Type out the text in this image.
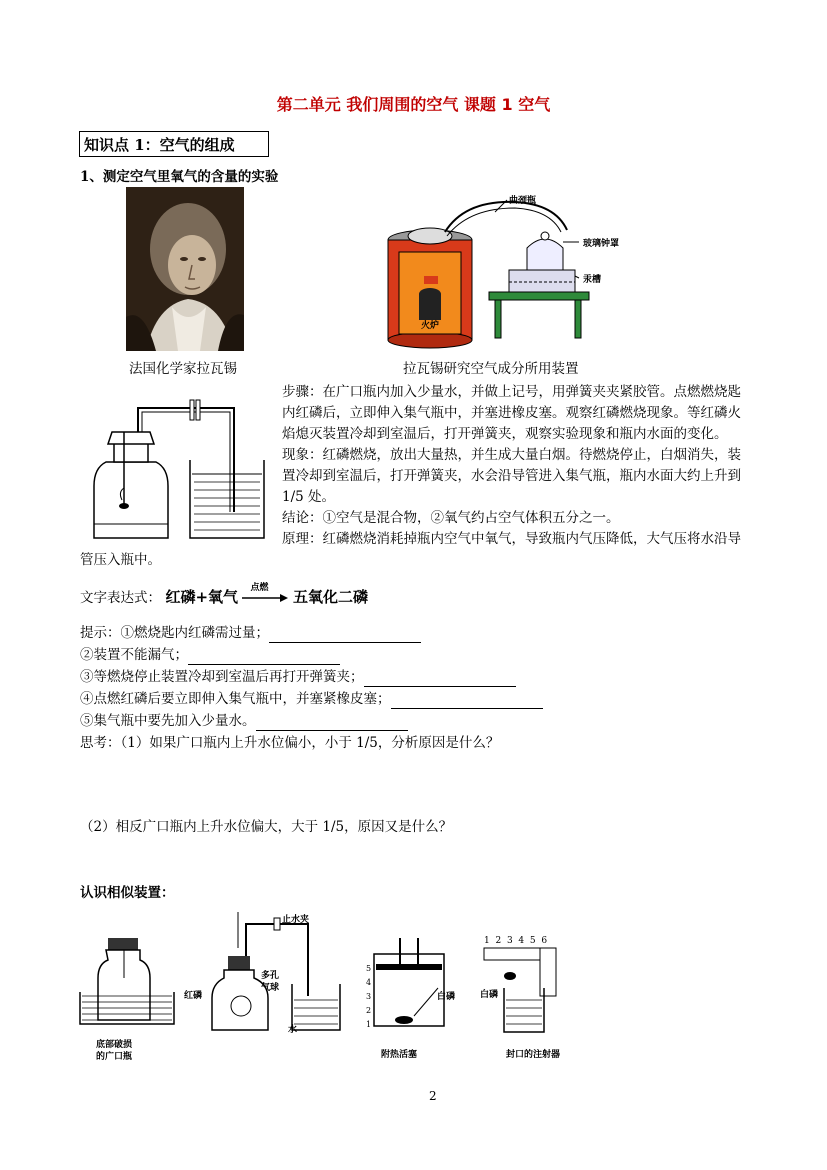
第二单元 我们周围的空气 课题 1 空气
知识点 1：空气的组成
1、测定空气里氧气的含量的实验
法国化学家拉瓦锡
曲颈瓶
玻璃钟罩
汞槽
火炉
拉瓦锡研究空气成分所用装置
步骤：在广口瓶内加入少量水，并做上记号，用弹簧夹夹紧胶管。点燃燃烧匙
内红磷后，立即伸入集气瓶中，并塞进橡皮塞。观察红磷燃烧现象。等红磷火
焰熄灭装置冷却到室温后，打开弹簧夹，观察实验现象和瓶内水面的变化。
现象：红磷燃烧，放出大量热，并生成大量白烟。待燃烧停止，白烟消失，装
置冷却到室温后，打开弹簧夹，水会沿导管进入集气瓶，瓶内水面大约上升到
1/5 处。
结论：①空气是混合物，②氧气约占空气体积五分之一。
原理：红磷燃烧消耗掉瓶内空气中氧气，导致瓶内气压降低，大气压将水沿导
管压入瓶中。
文字表达式： 红磷+氧气 点燃 五氧化二磷
提示：①燃烧匙内红磷需过量；
②装置不能漏气；
③等燃烧停止装置冷却到室温后再打开弹簧夹；
④点燃红磷后要立即伸入集气瓶中，并塞紧橡皮塞；
⑤集气瓶中要先加入少量水。
思考：（1）如果广口瓶内上升水位偏小，小于 1/5，分析原因是什么？
（2）相反广口瓶内上升水位偏大，大于 1/5，原因又是什么？
认识相似装置：
底部破损
的广口瓶
止水夹
红磷
多孔
气球
水
白磷
附热活塞
白磷
封口的注射器
1 2 3 4 5 6
5
4
3
2
1
2
